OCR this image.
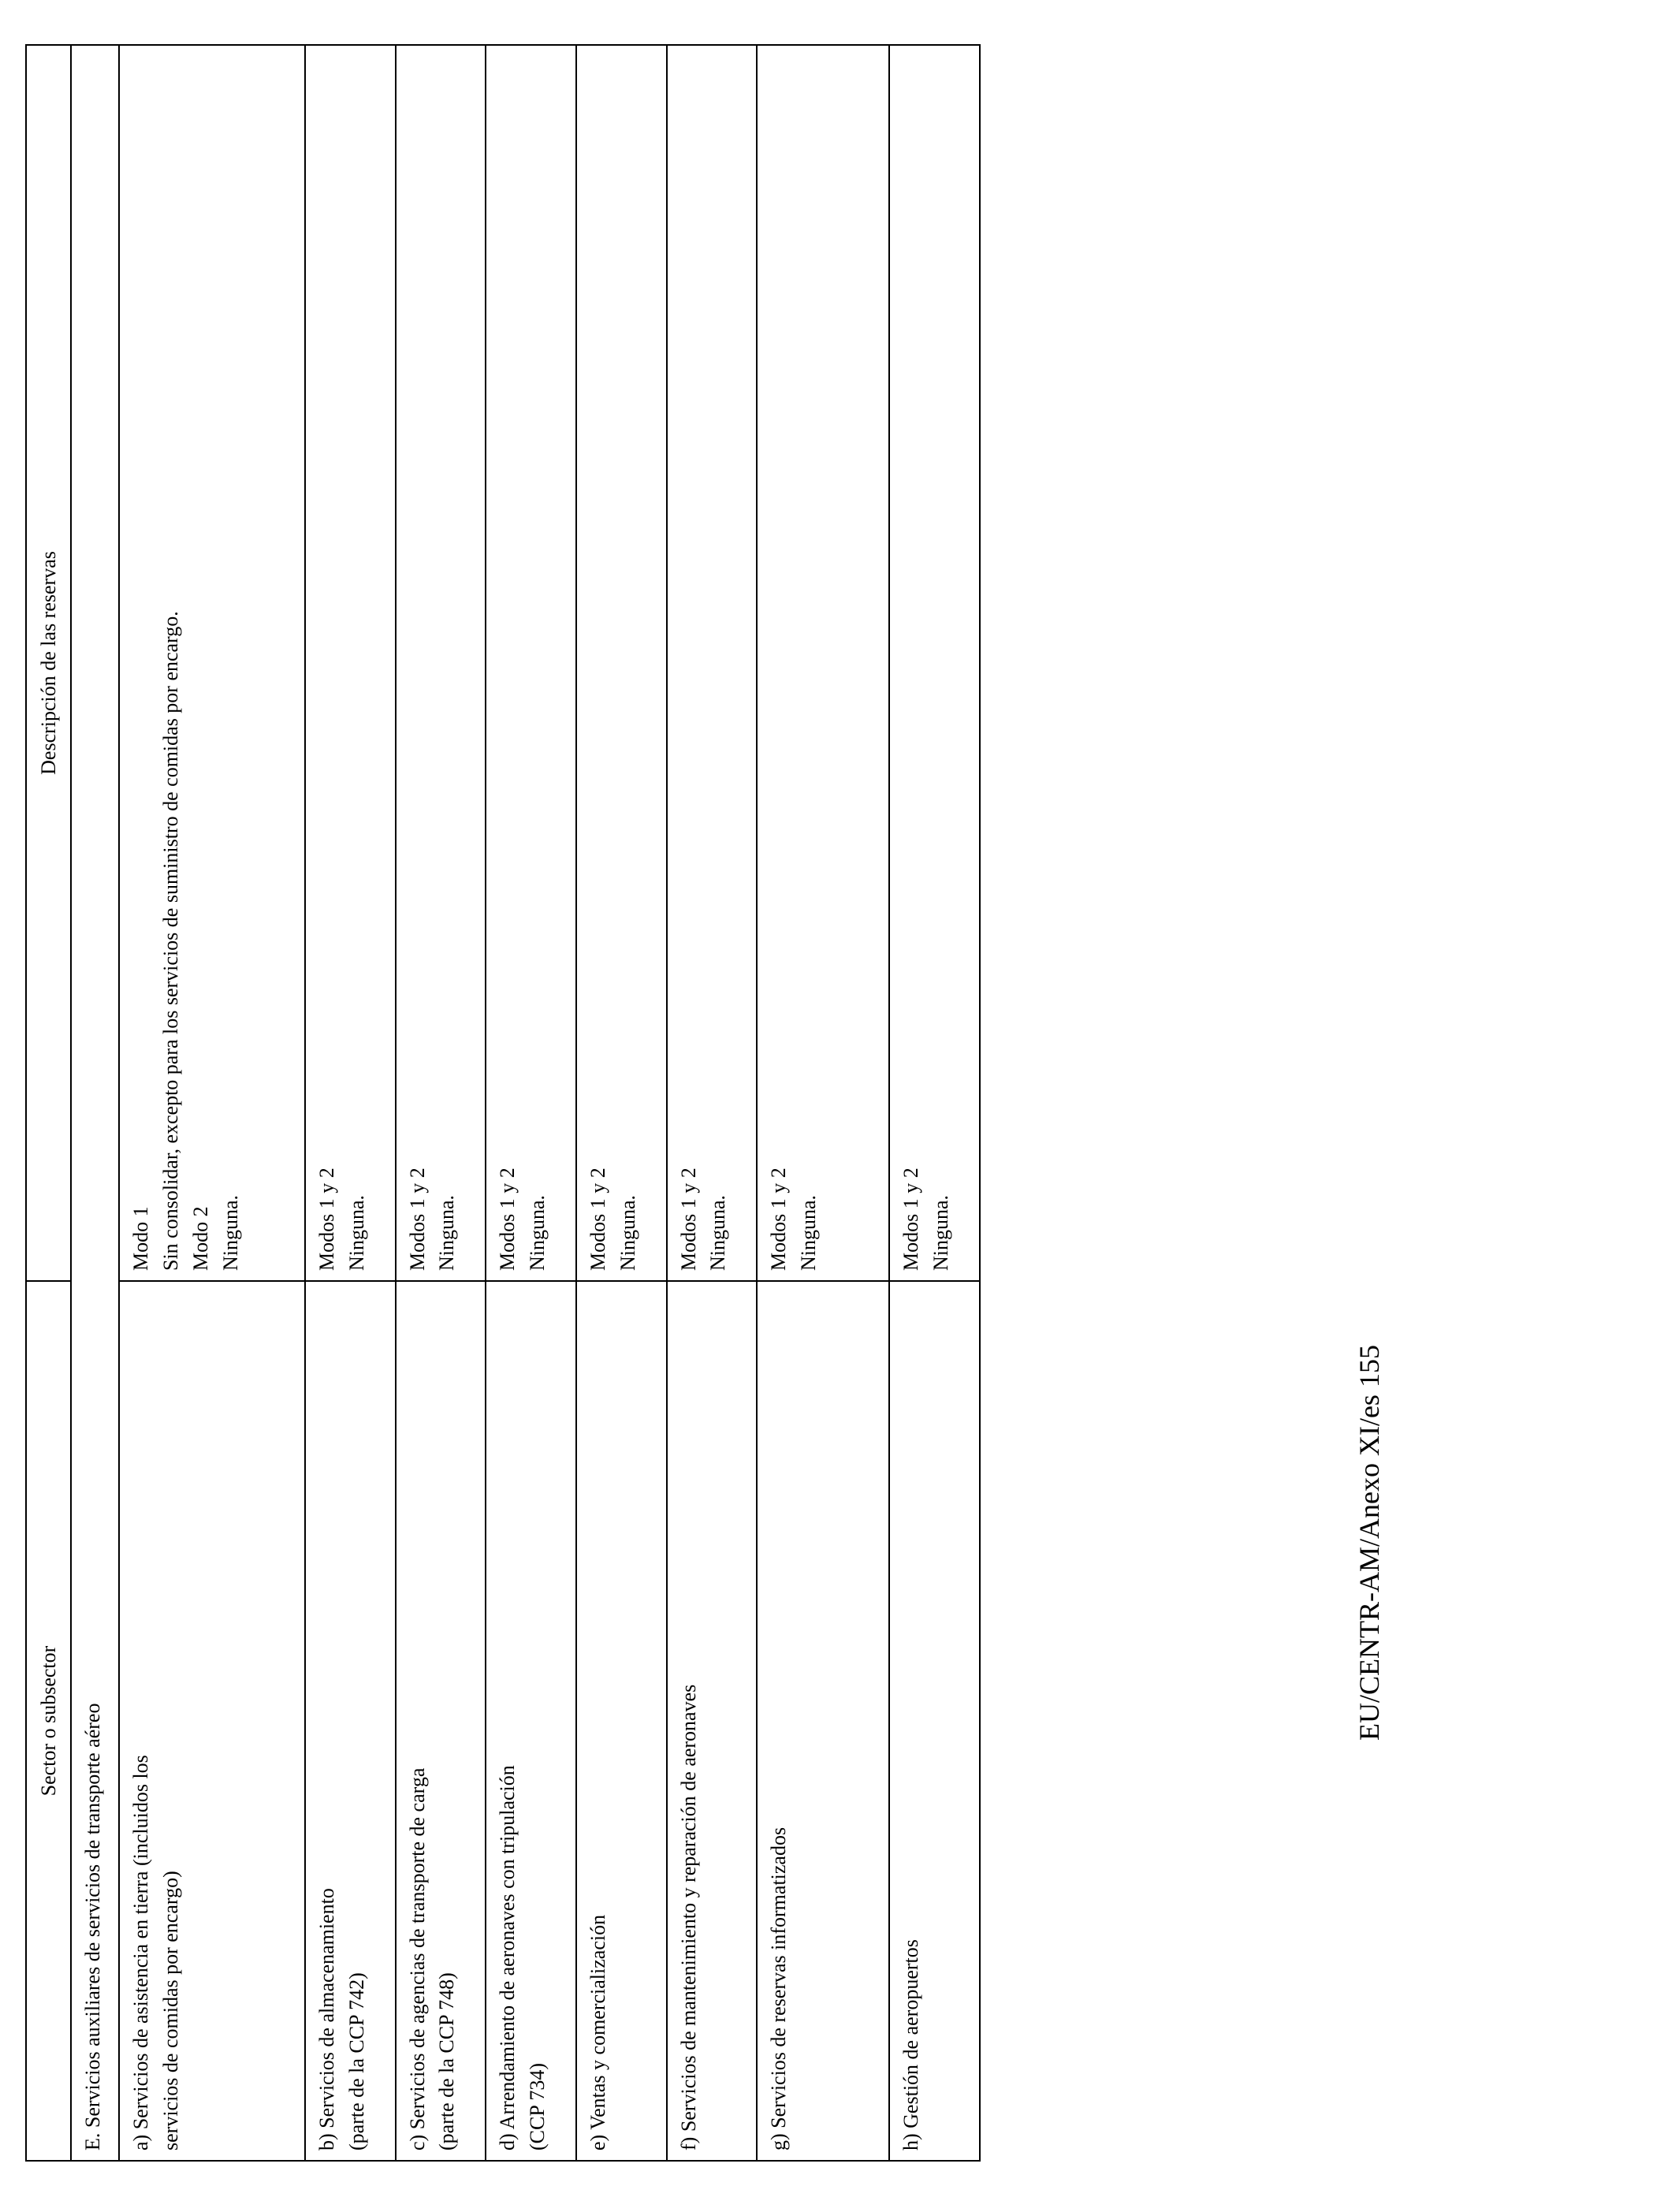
Sector o subsector	Descripción de las reservas
E. Servicios auxiliares de servicios de transporte aéreo	

a) Servicios de asistencia en tierra (incluidos los servicios de comidas por encargo)	Modo 1 Sin consolidar, excepto para los servicios de suministro de comidas por encargo. Modo 2 Ninguna.

b) Servicios de almacenamiento (parte de la CCP 742)	Modos 1 y 2 Ninguna.

c) Servicios de agencias de transporte de carga (parte de la CCP 748)	Modos 1 y 2 Ninguna.

d) Arrendamiento de aeronaves con tripulación (CCP 734)	Modos 1 y 2 Ninguna.

e) Ventas y comercialización	Modos 1 y 2 Ninguna.

f) Servicios de mantenimiento y reparación de aeronaves	Modos 1 y 2 Ninguna.

g) Servicios de reservas informatizados	Modos 1 y 2 Ninguna.

h) Gestión de aeropuertos	Modos 1 y 2 Ninguna.
EU/CENTR-AM/Anexo XI/es 155
